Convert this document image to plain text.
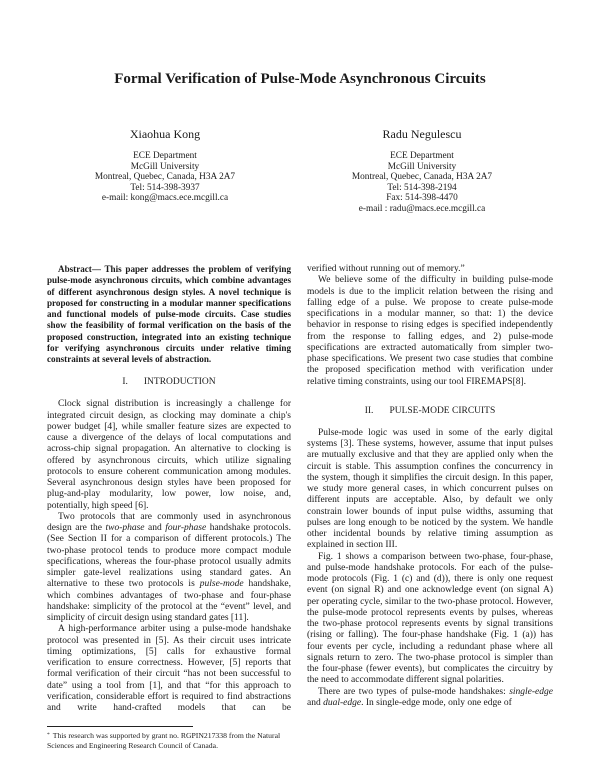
Formal Verification of Pulse-Mode Asynchronous Circuits
Xiaohua Kong
ECE Department
McGill University
Montreal, Quebec, Canada, H3A 2A7
Tel: 514-398-3937
e-mail: kong@macs.ece.mcgill.ca
Radu Negulescu
ECE Department
McGill University
Montreal, Quebec, Canada, H3A 2A7
Tel: 514-398-2194
Fax: 514-398-4470
e-mail : radu@macs.ece.mcgill.ca

Abstract— This paper addresses the problem of verifying pulse-mode asynchronous circuits, which combine advantages of different asynchronous design styles. A novel technique is proposed for constructing in a modular manner specifications and functional models of pulse-mode circuits. Case studies show the feasibility of formal verification on the basis of the proposed construction, integrated into an existing technique for verifying asynchronous circuits under relative timing constraints at several levels of abstraction.

I. INTRODUCTION

Clock signal distribution is increasingly a challenge for integrated circuit design, as clocking may dominate a chip's power budget [4], while smaller feature sizes are expected to cause a divergence of the delays of local computations and across-chip signal propagation. An alternative to clocking is offered by asynchronous circuits, which utilize signaling protocols to ensure coherent communication among modules. Several asynchronous design styles have been proposed for plug-and-play modularity, low power, low noise, and, potentially, high speed [6].

Two protocols that are commonly used in asynchronous design are the two-phase and four-phase handshake protocols. (See Section II for a comparison of different protocols.) The two-phase protocol tends to produce more compact module specifications, whereas the four-phase protocol usually admits simpler gate-level realizations using standard gates. An alternative to these two protocols is pulse-mode handshake, which combines advantages of two-phase and four-phase handshake: simplicity of the protocol at the “event” level, and simplicity of circuit design using standard gates [11].

A high-performance arbiter using a pulse-mode handshake protocol was presented in [5]. As their circuit uses intricate timing optimizations, [5] calls for exhaustive formal verification to ensure correctness. However, [5] reports that formal verification of their circuit “has not been successful to date” using a tool from [1], and that “for this approach to verification, considerable effort is required to find abstractions and write hand-crafted models that can be

* This research was supported by grant no. RGPIN217338 from the Natural Sciences and Engineering Research Council of Canada.

verified without running out of memory.”

We believe some of the difficulty in building pulse-mode models is due to the implicit relation between the rising and falling edge of a pulse. We propose to create pulse-mode specifications in a modular manner, so that: 1) the device behavior in response to rising edges is specified independently from the response to falling edges, and 2) pulse-mode specifications are extracted automatically from simpler two-phase specifications. We present two case studies that combine the proposed specification method with verification under relative timing constraints, using our tool FIREMAPS[8].

II. PULSE-MODE CIRCUITS

Pulse-mode logic was used in some of the early digital systems [3]. These systems, however, assume that input pulses are mutually exclusive and that they are applied only when the circuit is stable. This assumption confines the concurrency in the system, though it simplifies the circuit design. In this paper, we study more general cases, in which concurrent pulses on different inputs are acceptable. Also, by default we only constrain lower bounds of input pulse widths, assuming that pulses are long enough to be noticed by the system. We handle other incidental bounds by relative timing assumption as explained in section III.

Fig. 1 shows a comparison between two-phase, four-phase, and pulse-mode handshake protocols. For each of the pulse-mode protocols (Fig. 1 (c) and (d)), there is only one request event (on signal R) and one acknowledge event (on signal A) per operating cycle, similar to the two-phase protocol. However, the pulse-mode protocol represents events by pulses, whereas the two-phase protocol represents events by signal transitions (rising or falling). The four-phase handshake (Fig. 1 (a)) has four events per cycle, including a redundant phase where all signals return to zero. The two-phase protocol is simpler than the four-phase (fewer events), but complicates the circuitry by the need to accommodate different signal polarities.

There are two types of pulse-mode handshakes: single-edge and dual-edge. In single-edge mode, only one edge of
